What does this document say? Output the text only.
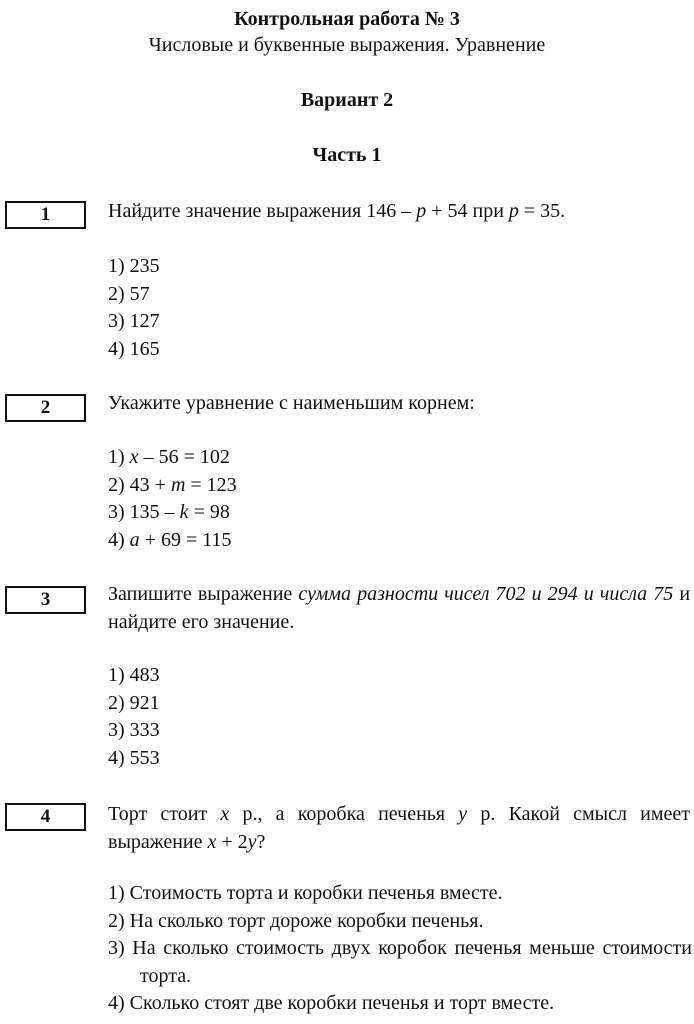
Контрольная работа № 3
Числовые и буквенные выражения. Уравнение
Вариант 2
Часть 1
1	Найдите значение выражения 146 – p + 54 при p = 35.
1) 235
2) 57
3) 127
4) 165
2	Укажите уравнение с наименьшим корнем:
1) x – 56 = 102
2) 43 + m = 123
3) 135 – k = 98
4) a + 69 = 115
3	Запишите выражение сумма разности чисел 702 и 294 и числа 75 и найдите его значение.
1) 483
2) 921
3) 333
4) 553
4	Торт стоит x р., а коробка печенья y р. Какой смысл имеет выражение x + 2y?
1) Стоимость торта и коробки печенья вместе.
2) На сколько торт дороже коробки печенья.
3) На сколько стоимость двух коробок печенья меньше стоимости торта.
4) Сколько стоят две коробки печенья и торт вместе.
